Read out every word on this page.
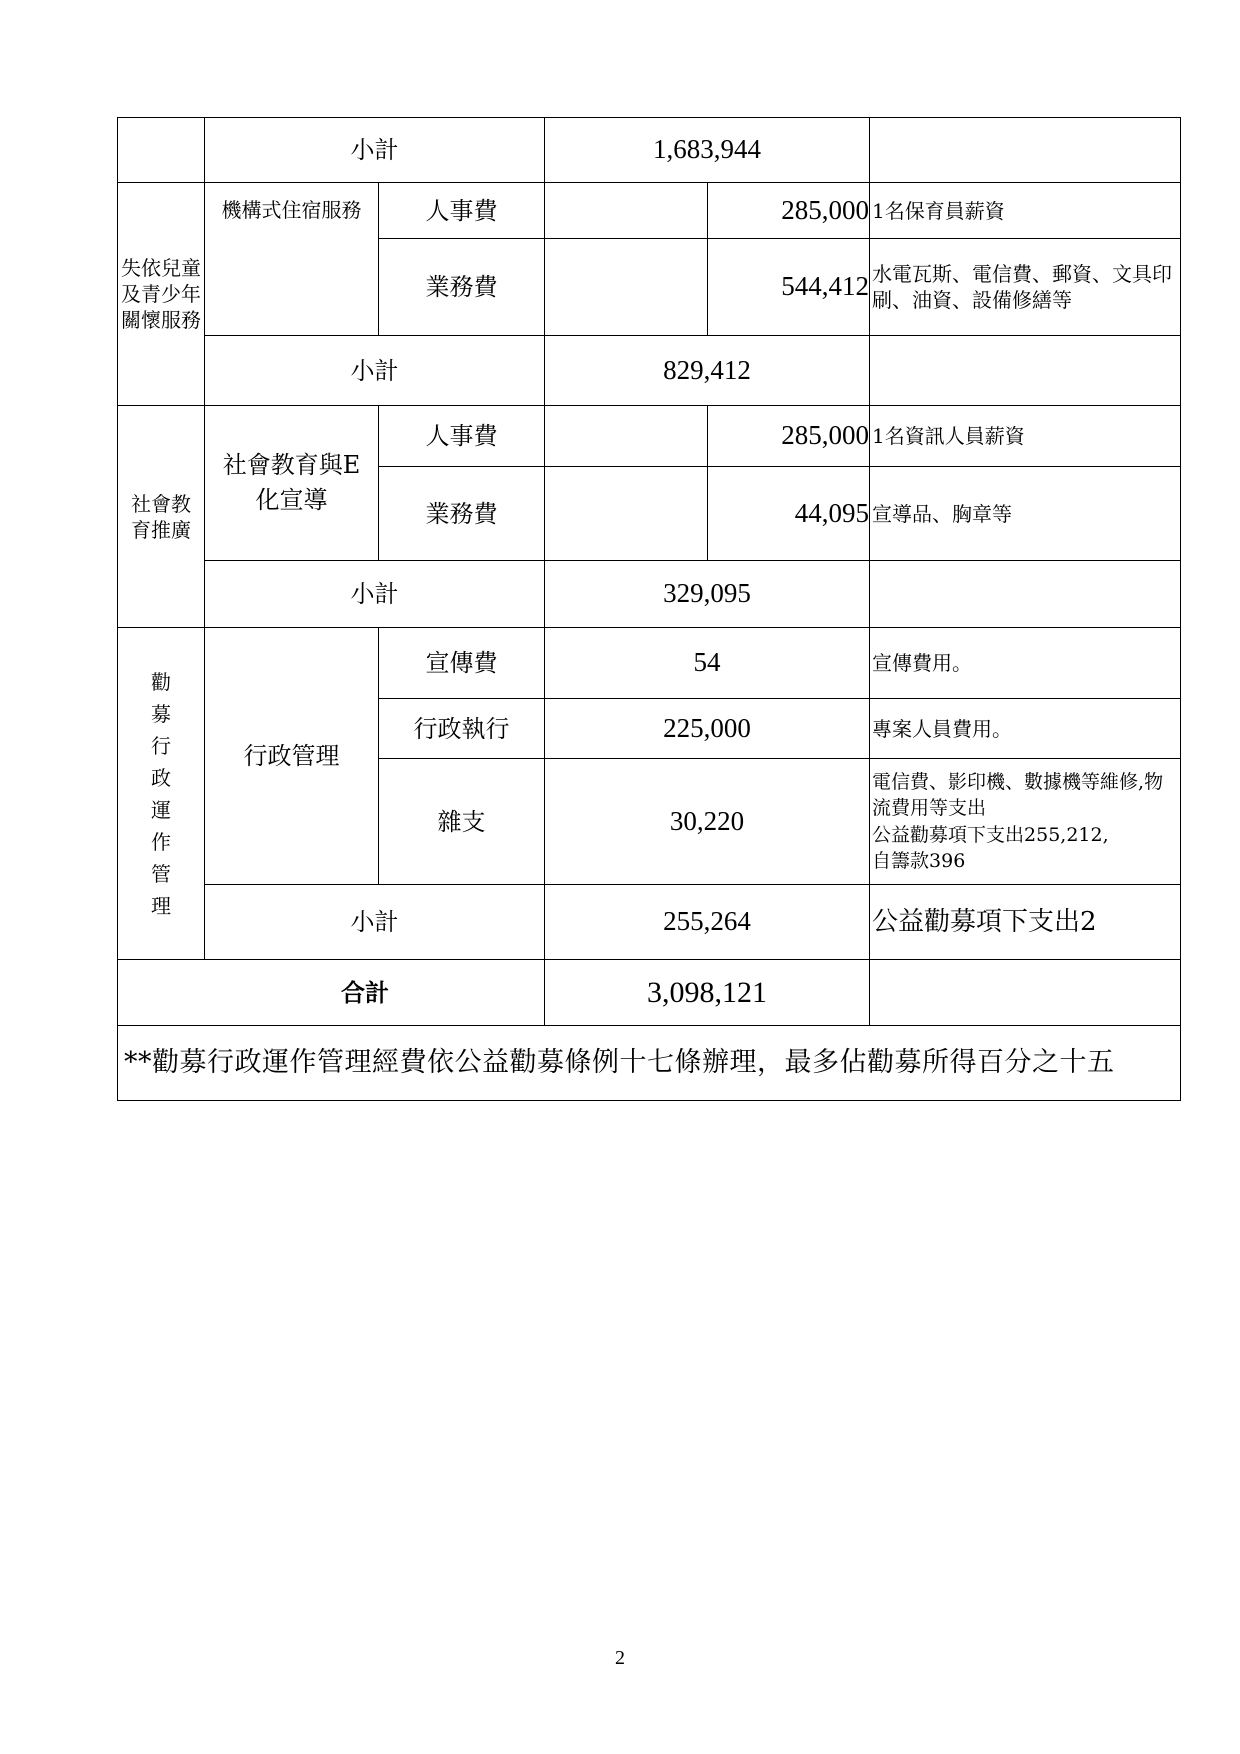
	小計		1,683,944		
失依兒童及青少年關懷服務	機構式住宿服務	人事費		285,000	1名保育員薪資
		業務費		544,412	水電瓦斯、電信費、郵資、文具印刷、油資、設備修繕等
	小計		829,412		
社會教育推廣	社會教育與E化宣導	人事費		285,000	1名資訊人員薪資
		業務費		44,095	宣導品、胸章等
	小計		329,095		
勸募行政運作管理	行政管理	宣傳費	54		宣傳費用。
		行政執行	225,000		專案人員費用。
		雜支	30,220		電信費、影印機、數據機等維修,物流費用等支出
公益勸募項下支出255,212,
自籌款396

	小計		255,264		公益勸募項下支出2
合計			3,098,121		
**勸募行政運作管理經費依公益勸募條例十七條辦理，最多佔勸募所得百分之十五					
2
